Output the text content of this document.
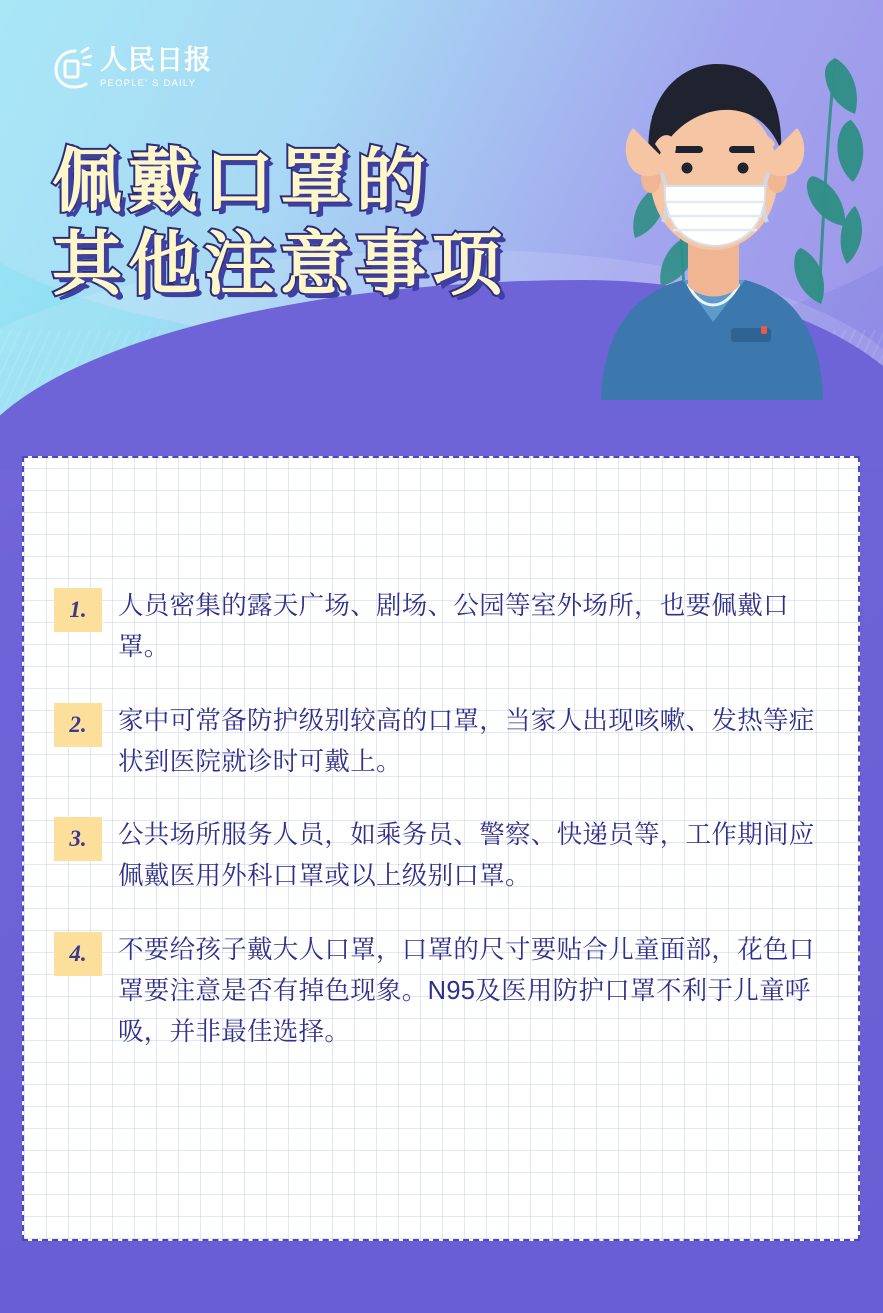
人民日报
PEOPLE' S DAILY
佩戴口罩的
其他注意事项
1.	人员密集的露天广场、剧场、公园等室外场所，也要佩戴口罩。
2.	家中可常备防护级别较高的口罩，当家人出现咳嗽、发热等症状到医院就诊时可戴上。
3.	公共场所服务人员，如乘务员、警察、快递员等，工作期间应佩戴医用外科口罩或以上级别口罩。
4.	不要给孩子戴大人口罩，口罩的尺寸要贴合儿童面部，花色口罩要注意是否有掉色现象。N95及医用防护口罩不利于儿童呼吸，并非最佳选择。
